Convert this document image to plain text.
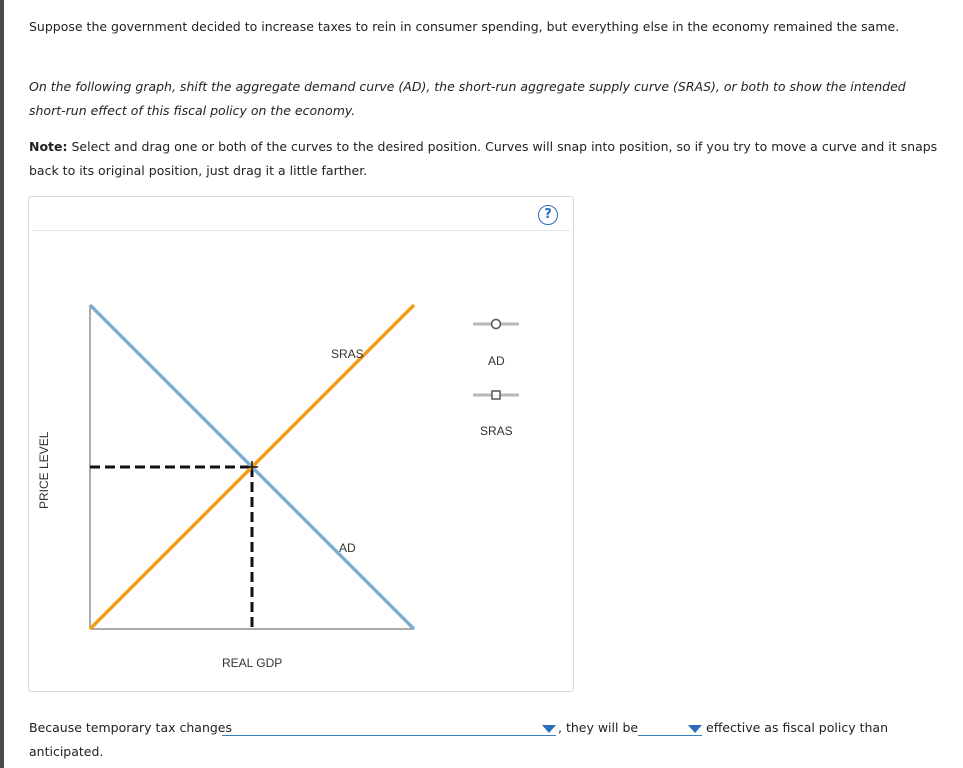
Suppose the government decided to increase taxes to rein in consumer spending, but everything else in the economy remained the same.

On the following graph, shift the aggregate demand curve (AD), the short-run aggregate supply curve (SRAS), or both to show the intended short-run effect of this fiscal policy on the economy.

Note: Select and drag one or both of the curves to the desired position. Curves will snap into position, so if you try to move a curve and it snaps back to its original position, just drag it a little farther.

?
SRAS
AD
PRICE LEVEL
REAL GDP
AD
SRAS
Because temporary tax changes	, they will be	effective as fiscal policy than
anticipated.
